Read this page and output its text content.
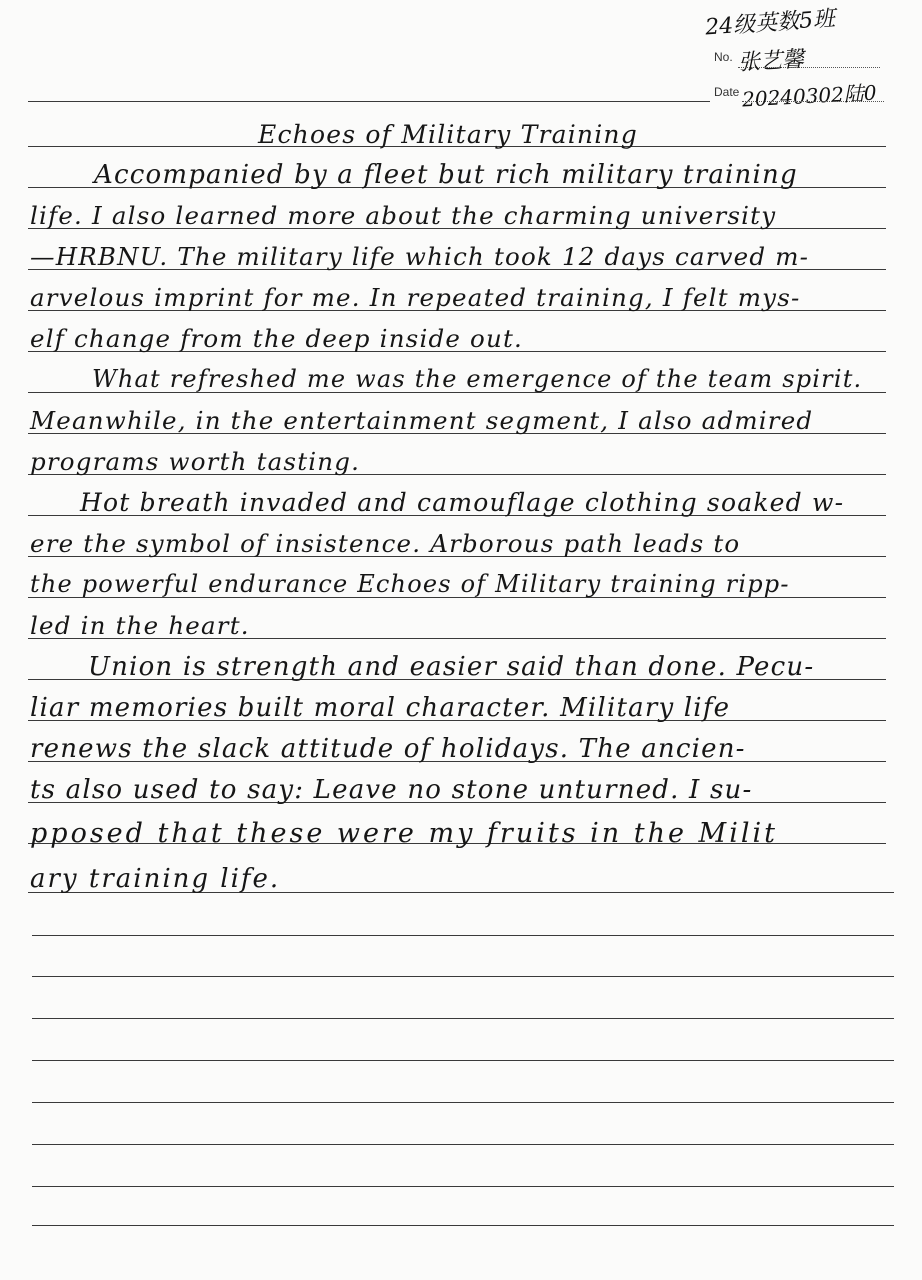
24级英数5班
No. 张艺馨
Date 20240302陆0
Echoes of Military Training
Accompanied by a fleet but rich military training
life. I also learned more about the charming university
—HRBNU. The military life which took 12 days carved m-
arvelous imprint for me. In repeated training, I felt mys-
elf change from the deep inside out.
What refreshed me was the emergence of the team spirit.
Meanwhile, in the entertainment segment, I also admired
programs worth tasting.
Hot breath invaded and camouflage clothing soaked w-
ere the symbol of insistence. Arborous path leads to
the powerful endurance Echoes of Military training ripp-
led in the heart.
Union is strength and easier said than done. Pecu-
liar memories built moral character. Military life
renews the slack attitude of holidays. The ancien-
ts also used to say: Leave no stone unturned. I su-
pposed that these were my fruits in the Milit
ary training life.
